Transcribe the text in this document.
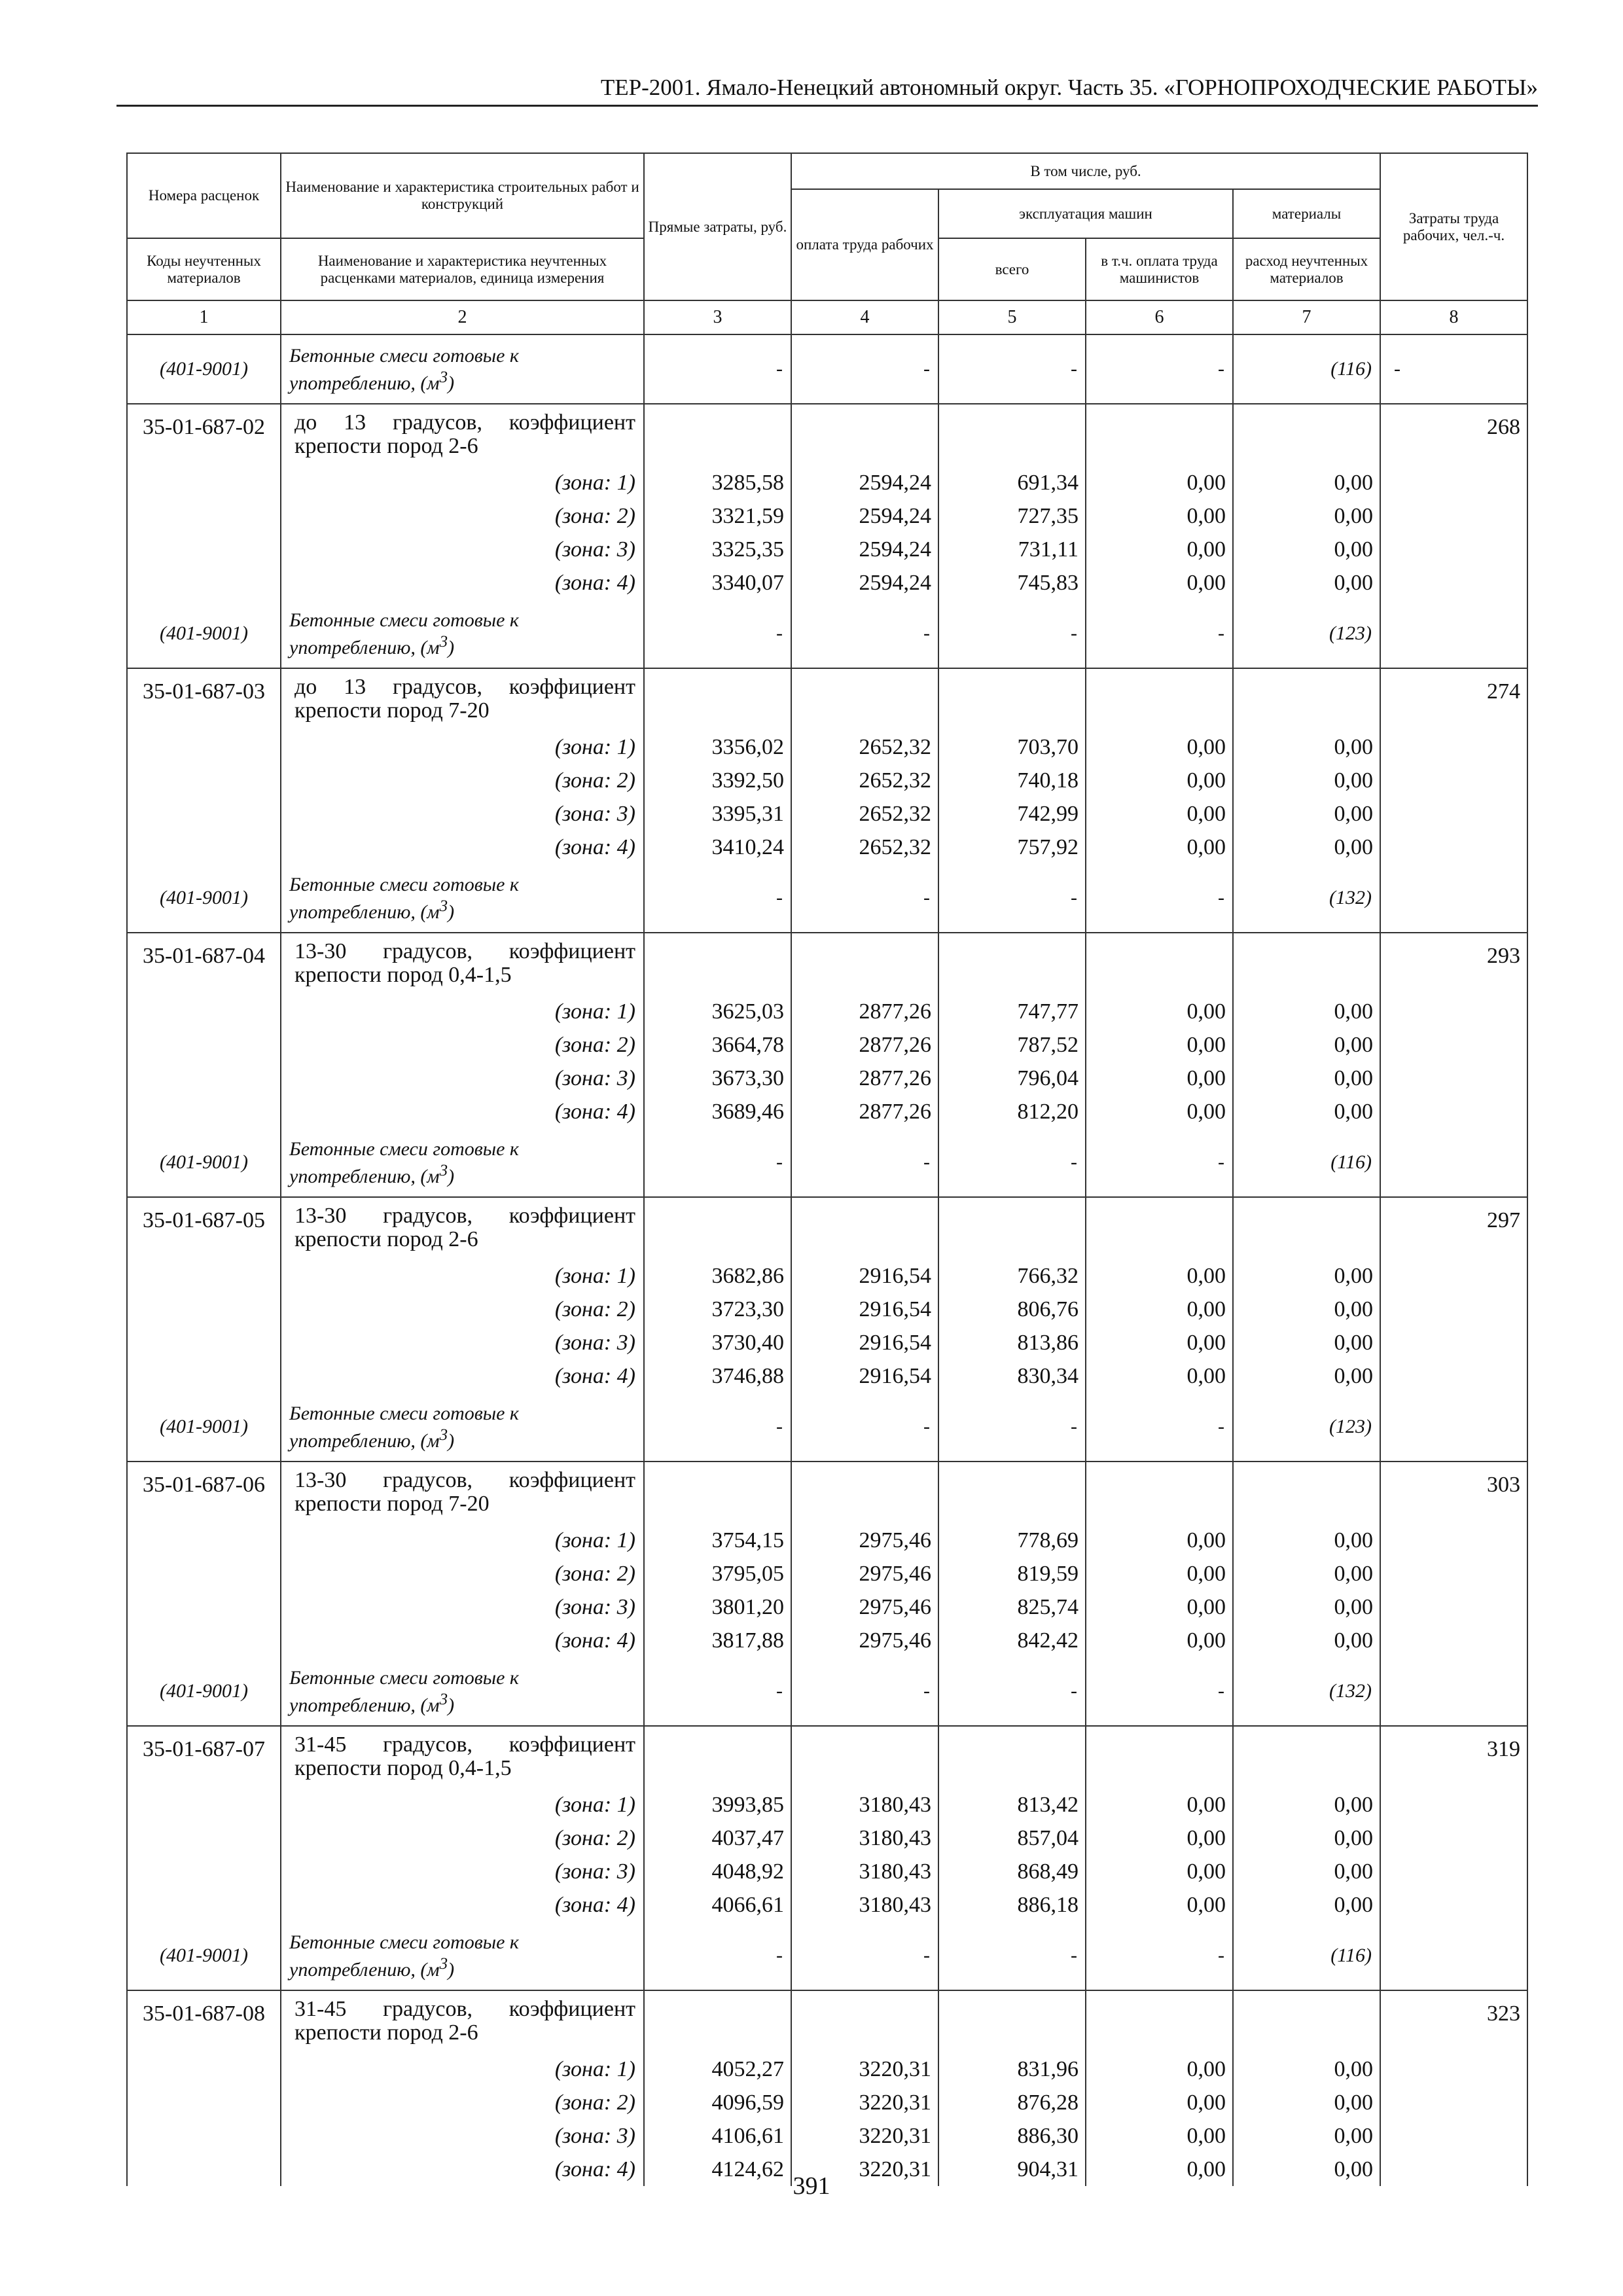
ТЕР-2001. Ямало-Ненецкий автономный округ. Часть 35. «ГОРНОПРОХОДЧЕСКИЕ РАБОТЫ»
Номера расценок	Наименование и характеристика строительных работ и конструкций	Прямые затраты, руб.	В том числе, руб.				Затраты труда рабочих, чел.-ч.
			оплата труда рабочих	эксплуатация машин		материалы	
Коды неучтенных материалов	Наименование и характеристика неучтенных расценками материалов, единица измерения			всего	в т.ч. оплата труда машинистов	расход неучтенных материалов	
1	2	3	4	5	6	7	8
(401-9001)	Бетонные смеси готовые к употреблению, $(м^3)$	-	-	-	-	(116)	-
35-01-687-02	до 13 градусов, коэффициент крепости пород 2-6						268
	(зона: 1)	3285,58	2594,24	691,34	0,00	0,00	
	(зона: 2)	3321,59	2594,24	727,35	0,00	0,00	
	(зона: 3)	3325,35	2594,24	731,11	0,00	0,00	
	(зона: 4)	3340,07	2594,24	745,83	0,00	0,00	
(401-9001)	Бетонные смеси готовые к употреблению, $(м^3)$	-	-	-	-	(123)	
35-01-687-03	до 13 градусов, коэффициент крепости пород 7-20						274
	(зона: 1)	3356,02	2652,32	703,70	0,00	0,00	
	(зона: 2)	3392,50	2652,32	740,18	0,00	0,00	
	(зона: 3)	3395,31	2652,32	742,99	0,00	0,00	
	(зона: 4)	3410,24	2652,32	757,92	0,00	0,00	
(401-9001)	Бетонные смеси готовые к употреблению, $(м^3)$	-	-	-	-	(132)	
35-01-687-04	13-30 градусов, коэффициент крепости пород 0,4-1,5						293
	(зона: 1)	3625,03	2877,26	747,77	0,00	0,00	
	(зона: 2)	3664,78	2877,26	787,52	0,00	0,00	
	(зона: 3)	3673,30	2877,26	796,04	0,00	0,00	
	(зона: 4)	3689,46	2877,26	812,20	0,00	0,00	
(401-9001)	Бетонные смеси готовые к употреблению, $(м^3)$	-	-	-	-	(116)	
35-01-687-05	13-30 градусов, коэффициент крепости пород 2-6						297
	(зона: 1)	3682,86	2916,54	766,32	0,00	0,00	
	(зона: 2)	3723,30	2916,54	806,76	0,00	0,00	
	(зона: 3)	3730,40	2916,54	813,86	0,00	0,00	
	(зона: 4)	3746,88	2916,54	830,34	0,00	0,00	
(401-9001)	Бетонные смеси готовые к употреблению, $(м^3)$	-	-	-	-	(123)	
35-01-687-06	13-30 градусов, коэффициент крепости пород 7-20						303
	(зона: 1)	3754,15	2975,46	778,69	0,00	0,00	
	(зона: 2)	3795,05	2975,46	819,59	0,00	0,00	
	(зона: 3)	3801,20	2975,46	825,74	0,00	0,00	
	(зона: 4)	3817,88	2975,46	842,42	0,00	0,00	
(401-9001)	Бетонные смеси готовые к употреблению, $(м^3)$	-	-	-	-	(132)	
35-01-687-07	31-45 градусов, коэффициент крепости пород 0,4-1,5						319
	(зона: 1)	3993,85	3180,43	813,42	0,00	0,00	
	(зона: 2)	4037,47	3180,43	857,04	0,00	0,00	
	(зона: 3)	4048,92	3180,43	868,49	0,00	0,00	
	(зона: 4)	4066,61	3180,43	886,18	0,00	0,00	
(401-9001)	Бетонные смеси готовые к употреблению, $(м^3)$	-	-	-	-	(116)	
35-01-687-08	31-45 градусов, коэффициент крепости пород 2-6						323
	(зона: 1)	4052,27	3220,31	831,96	0,00	0,00	
	(зона: 2)	4096,59	3220,31	876,28	0,00	0,00	
	(зона: 3)	4106,61	3220,31	886,30	0,00	0,00	
	(зона: 4)	4124,62	3220,31	904,31	0,00	0,00	
391
